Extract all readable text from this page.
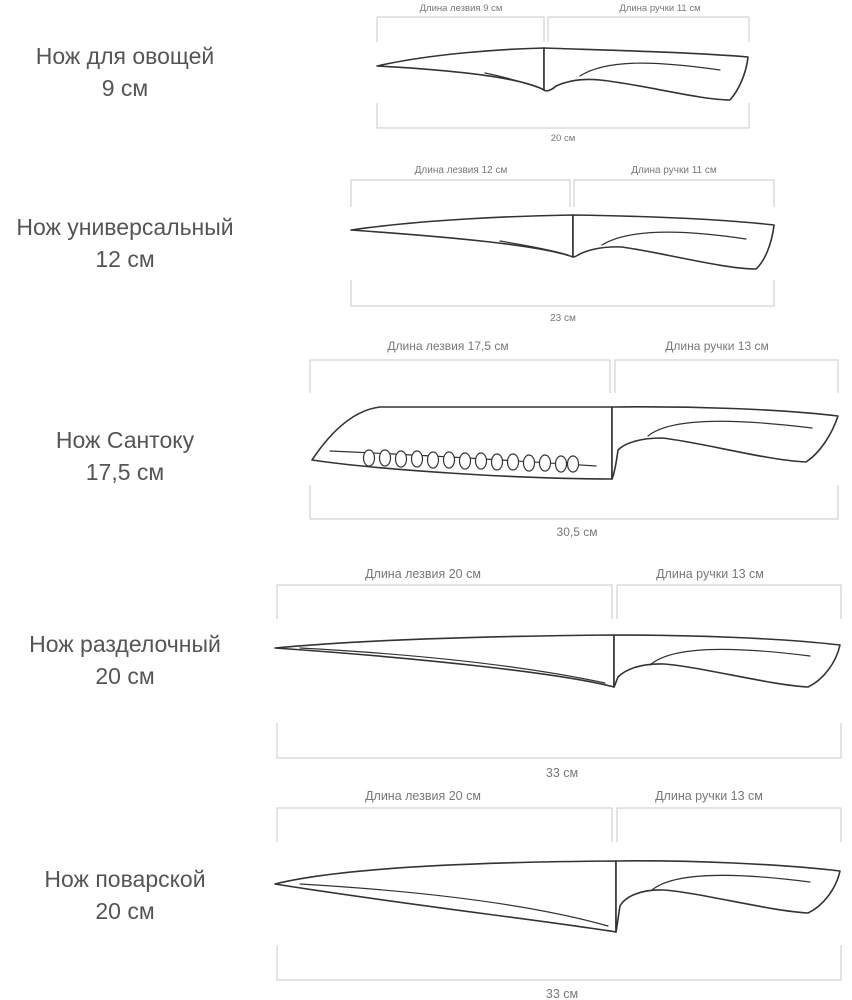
Нож для овощей
9 см
Длина лезвия 9 см	Длина ручки 11 см
20 см
Нож универсальный
12 см
Длина лезвия 12 см	Длина ручки 11 см
23 см
Нож Сантоку
17,5 см
Длина лезвия 17,5 см	Длина ручки 13 см
30,5 см
Нож разделочный
20 см
Длина лезвия 20 см	Длина ручки 13 см
33 см
Нож поварской
20 см
Длина лезвия 20 см	Длина ручки 13 см
33 см
